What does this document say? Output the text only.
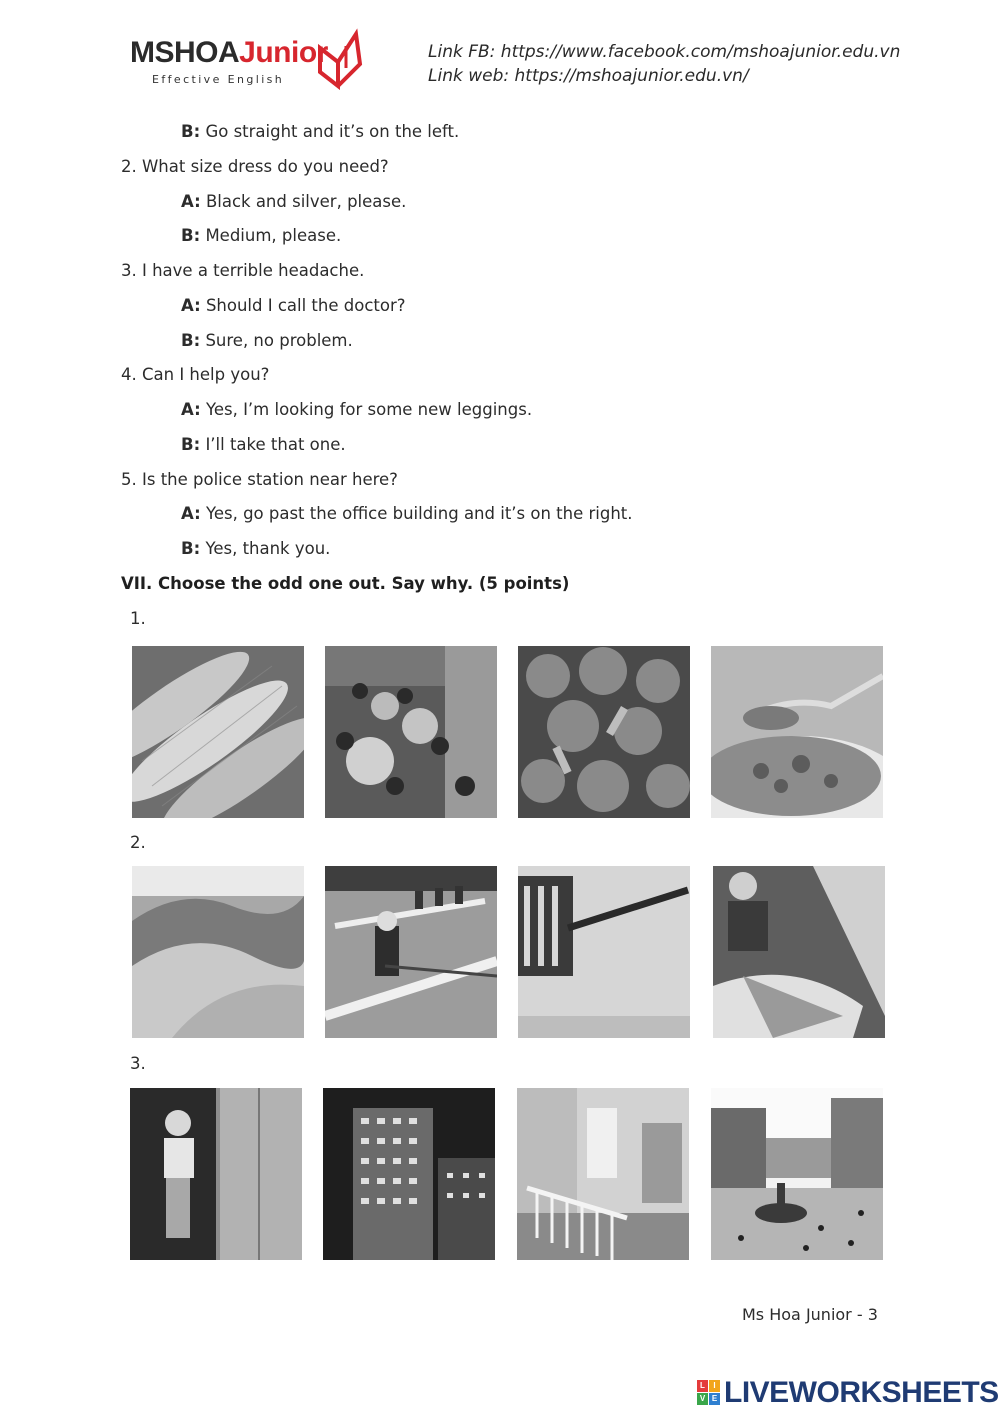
MSHOAJunior
Effective English
Link FB: https://www.facebook.com/mshoajunior.edu.vn
Link web: https://mshoajunior.edu.vn/
B: Go straight and it’s on the left.
2. What size dress do you need?
A: Black and silver, please.
B: Medium, please.
3. I have a terrible headache.
A: Should I call the doctor?
B: Sure, no problem.
4. Can I help you?
A: Yes, I’m looking for some new leggings.
B: I’ll take that one.
5. Is the police station near here?
A: Yes, go past the office building and it’s on the right.
B: Yes, thank you.
VII. Choose the odd one out. Say why. (5 points)
1.
2.
3.
Ms Hoa Junior - 3
L	I
V E LIVEWORKSHEETS
